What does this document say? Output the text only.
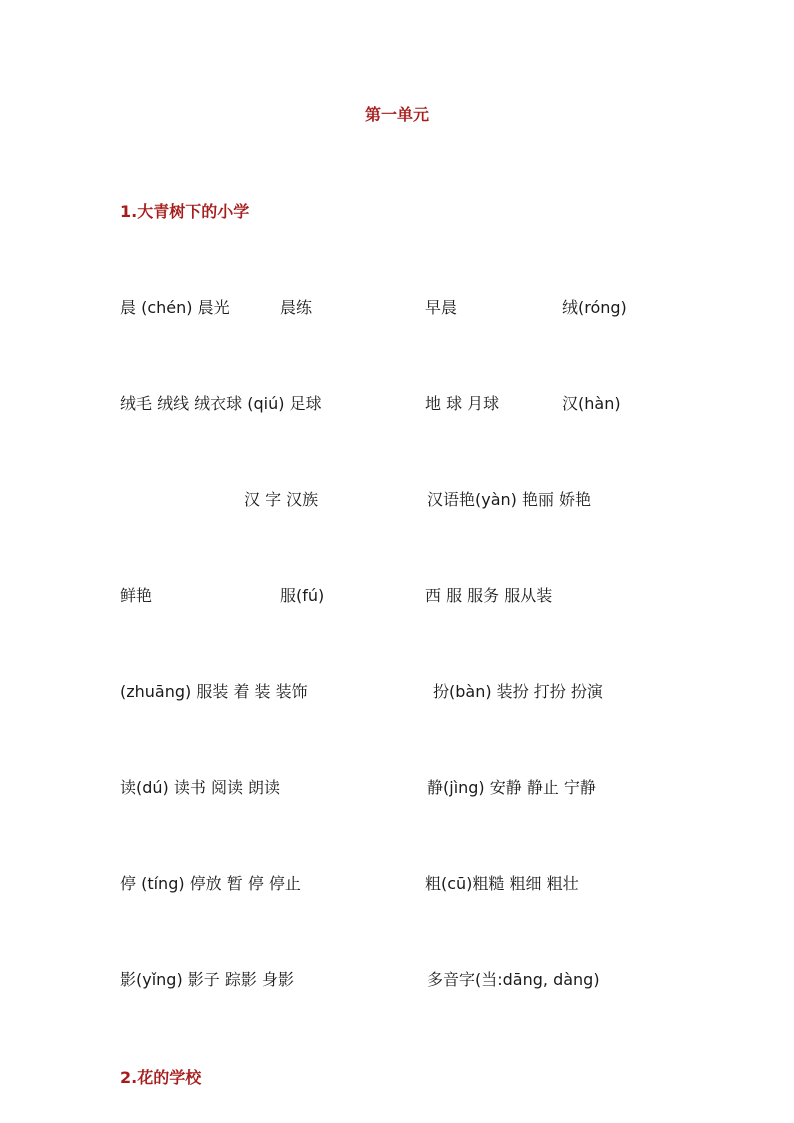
第一单元
1.大青树下的小学
晨 (chén) 晨光	晨练	早晨	绒(róng)
绒毛 绒线 绒衣球 (qiú) 足球	地 球 月球	汉(hàn)
汉 字 汉族	汉语艳(yàn) 艳丽 娇艳
鲜艳	服(fú)	西 服 服务 服从装
(zhuāng) 服装 着 装 装饰	扮(bàn) 装扮 打扮 扮演
读(dú) 读书 阅读 朗读	静(jìng) 安静 静止 宁静
停 (tíng) 停放 暂 停 停止	粗(cū)粗糙 粗细 粗壮
影(yǐng) 影子 踪影 身影	多音字(当:dāng, dàng)
2.花的学校
